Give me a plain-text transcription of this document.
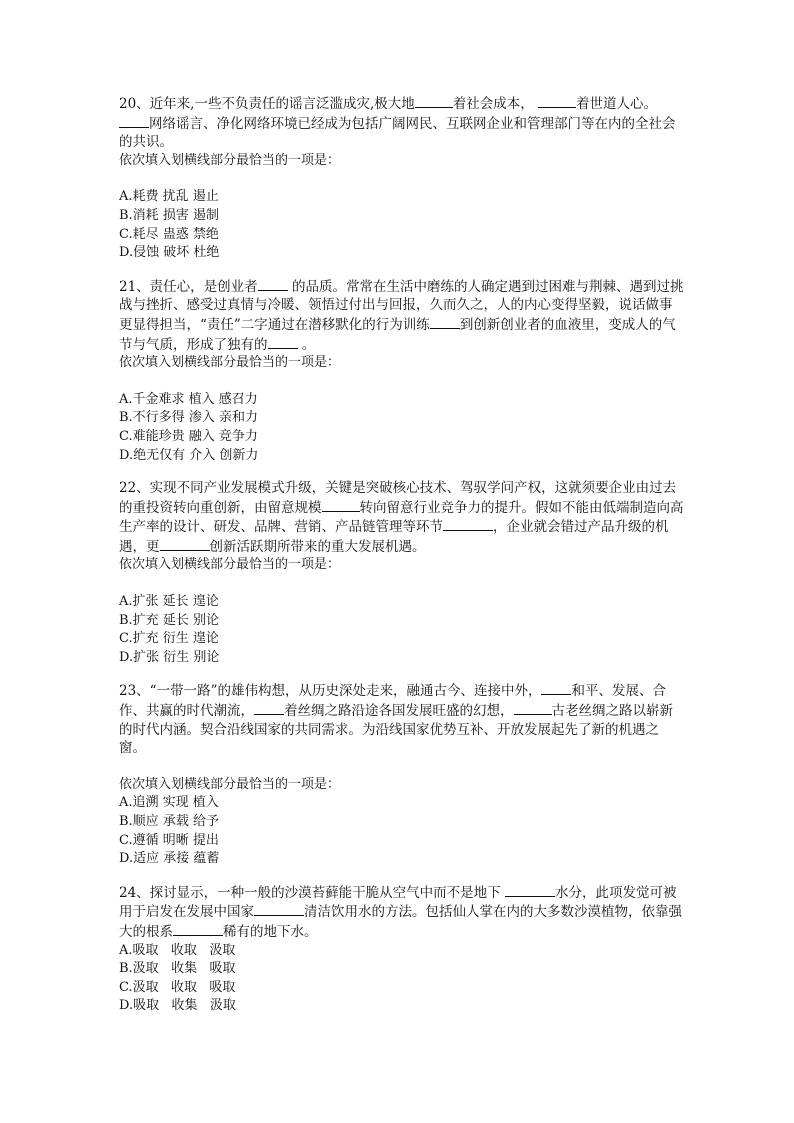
20、近年来,一些不负责任的谣言泛滥成灾,极大地	着社会成本，	着世道人心。网络谣言、净化网络环境已经成为包括广阔网民、互联网企业和管理部门等在内的全社会的共识。

依次填入划横线部分最恰当的一项是：

A.耗费 扰乱 遏止

B.消耗 损害 遏制

C.耗尽 蛊惑 禁绝

D.侵蚀 破坏 杜绝

21、责任心，是创业者	的品质。常常在生活中磨练的人确定遇到过困难与荆棘、遇到过挑战与挫折、感受过真情与冷暖、领悟过付出与回报，久而久之，人的内心变得坚毅，说话做事更显得担当，“责任”二字通过在潜移默化的行为训练 到创新创业者的血液里，变成人的气节与气质，形成了独有的	。

依次填入划横线部分最恰当的一项是：

A.千金难求 植入 感召力

B.不行多得 渗入 亲和力

C.难能珍贵 融入 竞争力

D.绝无仅有 介入 创新力

22、实现不同产业发展模式升级，关键是突破核心技术、驾驭学问产权，这就须要企业由过去的重投资转向重创新，由留意规模	转向留意行业竞争力的提升。假如不能由低端制造向高生产率的设计、研发、品牌、营销、产品链管理等环节	，企业就会错过产品升级的机遇，更	创新活跃期所带来的重大发展机遇。

依次填入划横线部分最恰当的一项是：

A.扩张 延长 遑论

B.扩充 延长 别论

C.扩充 衍生 遑论

D.扩张 衍生 别论

23、“一带一路”的雄伟构想，从历史深处走来，融通古今、连接中外， 和平、发展、合作、共赢的时代潮流， 着丝绸之路沿途各国发展旺盛的幻想，	古老丝绸之路以崭新的时代内涵。契合沿线国家的共同需求。为沿线国家优势互补、开放发展起先了新的机遇之窗。

依次填入划横线部分最恰当的一项是：

A.追溯 实现 植入

B.顺应 承载 给予

C.遵循 明晰 提出

D.适应 承接 蕴蓄

24、探讨显示，一种一般的沙漠苔藓能干脆从空气中而不是地下	水分，此项发觉可被用于启发在发展中国家	清洁饮用水的方法。包括仙人掌在内的大多数沙漠植物，依靠强大的根系	稀有的地下水。

A.吸取   收取   汲取

B.汲取   收集   吸取

C.汲取   收取   吸取

D.吸取   收集   汲取
